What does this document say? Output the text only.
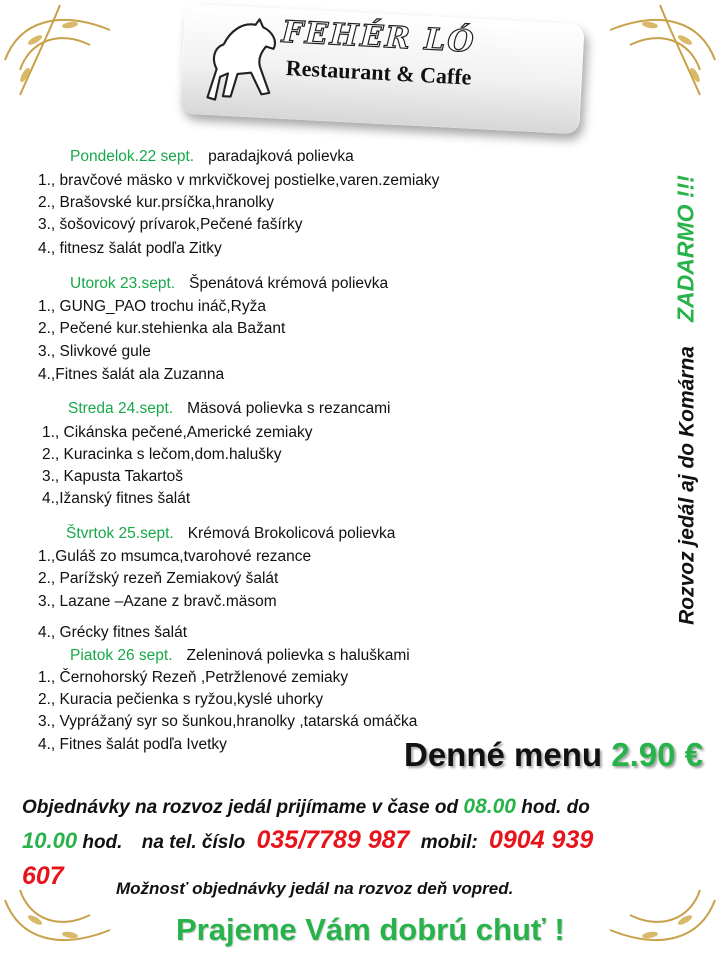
FEHÉR LÓ
Restaurant & Caffe
Pondelok.22 sept. paradajková polievka
1., bravčové mäsko v mrkvičkovej postielke,varen.zemiaky
2., Brašovské kur.prsíčka,hranolky
3., šošovicový prívarok,Pečené fašírky
4., fitnesz šalát podľa Zitky
Utorok 23.sept. Špenátová krémová polievka
1., GUNG_PAO trochu ináč,Ryža
2., Pečené kur.stehienka ala Bažant
3., Slivkové gule
4.,Fitnes šalát ala Zuzanna
Streda 24.sept. Mäsová polievka s rezancami
1., Cikánska pečené,Americké zemiaky
2., Kuracinka s lečom,dom.halušky
3., Kapusta Takartoš
4.,Ižanský fitnes šalát
Štvrtok 25.sept. Krémová Brokolicová polievka
1.,Guláš zo msumca,tvarohové rezance
2., Parížský rezeň Zemiakový šalát
3., Lazane –Azane z bravč.mäsom
4., Grécky fitnes šalát
Piatok 26 sept. Zeleninová polievka s haluškami
1., Černohorský Rezeň ,Petržlenové zemiaky
2., Kuracia pečienka s ryžou,kyslé uhorky
3., Vyprážaný syr so šunkou,hranolky ,tatarská omáčka
4., Fitnes šalát podľa Ivetky
Rozvoz jedál aj do KomárnaZADARMO !!!
Denné menu 2.90 €
Objednávky na rozvoz jedál prijímame v čase od 08.00 hod. do
10.00 hod. na tel. číslo 035/7789 987 mobil: 0904 939
607	Možnosť objednávky jedál na rozvoz deň vopred.
Prajeme Vám dobrú chuť !
